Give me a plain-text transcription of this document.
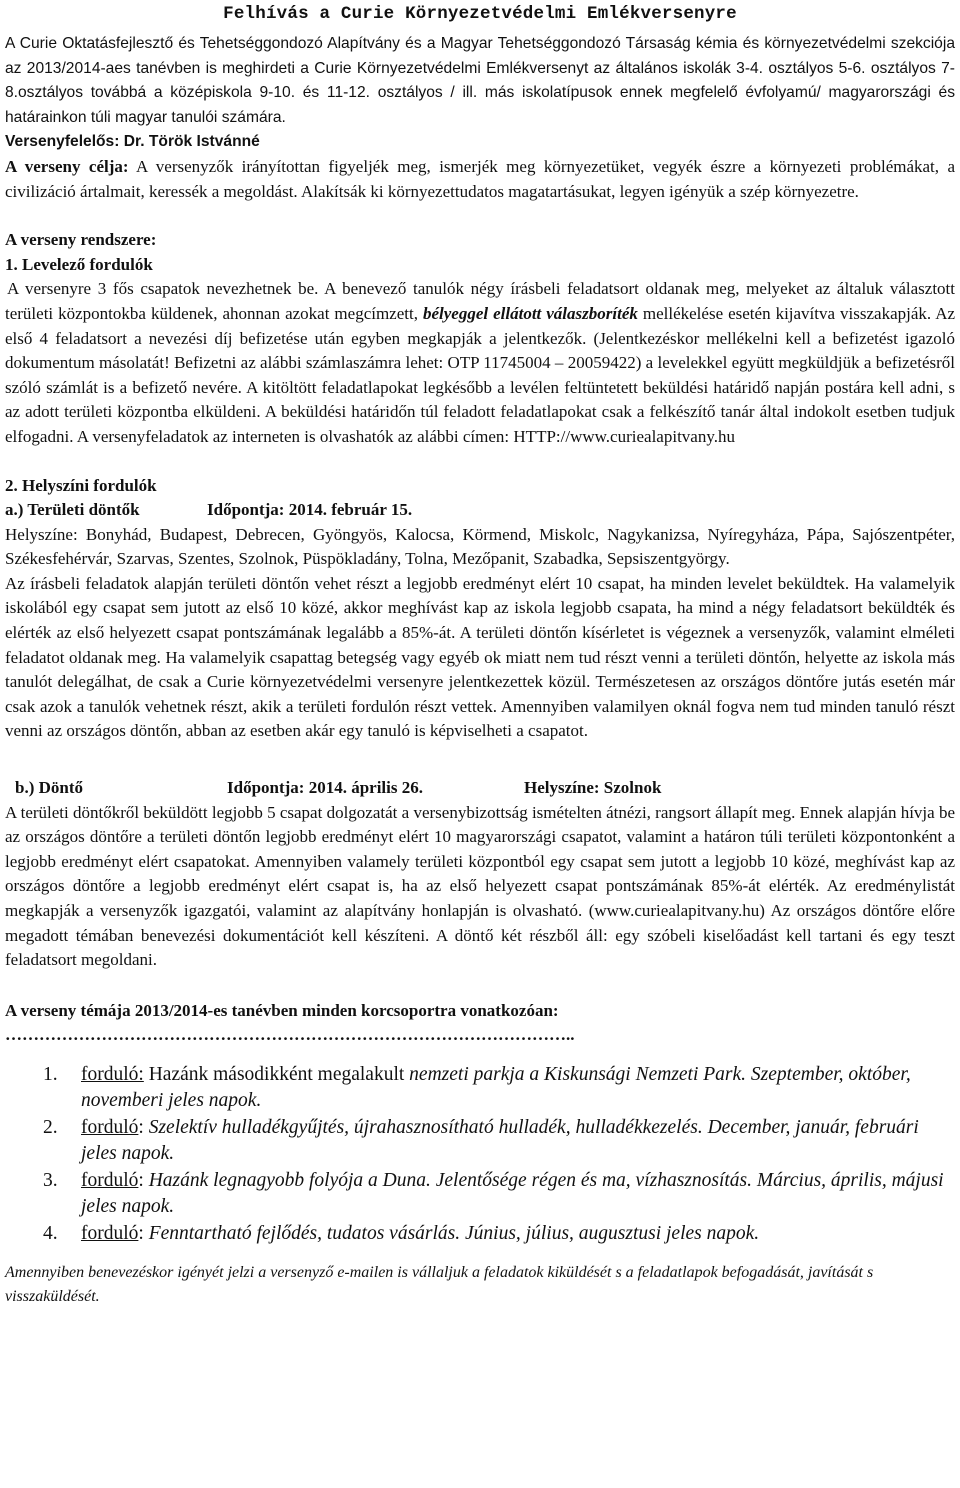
Felhívás a Curie Környezetvédelmi Emlékversenyre

A Curie Oktatásfejlesztő és Tehetséggondozó Alapítvány és a Magyar Tehetséggondozó Társaság kémia és környezetvédelmi szekciója az 2013/2014-aes tanévben is meghirdeti a Curie Környezetvédelmi Emlékversenyt az általános iskolák 3-4. osztályos 5-6. osztályos 7-8.osztályos továbbá a középiskola 9-10. és 11-12. osztályos / ill. más iskolatípusok ennek megfelelő évfolyamú/ magyarországi és határainkon túli magyar tanulói számára.

Versenyfelelős: Dr. Török Istvánné

A verseny célja: A versenyzők irányítottan figyeljék meg, ismerjék meg környezetüket, vegyék észre a környezeti problémákat, a civilizáció ártalmait, keressék a megoldást. Alakítsák ki környezettudatos magatartásukat, legyen igényük a szép környezetre.

A verseny rendszere:

1. Levelező fordulók

A versenyre 3 fős csapatok nevezhetnek be. A benevező tanulók négy írásbeli feladatsort oldanak meg, melyeket az általuk választott területi központokba küldenek, ahonnan azokat megcímzett, bélyeggel ellátott válaszboríték mellékelése esetén kijavítva visszakapják. Az első 4 feladatsort a nevezési díj befizetése után egyben megkapják a jelentkezők. (Jelentkezéskor mellékelni kell a befizetést igazoló dokumentum másolatát! Befizetni az alábbi számlaszámra lehet: OTP 11745004 – 20059422) a levelekkel együtt megküldjük a befizetésről szóló számlát is a befizető nevére. A kitöltött feladatlapokat legkésőbb a levélen feltüntetett beküldési határidő napján postára kell adni, s az adott területi központba elküldeni. A beküldési határidőn túl feladott feladatlapokat csak a felkészítő tanár által indokolt esetben tudjuk elfogadni. A versenyfeladatok az interneten is olvashatók az alábbi címen: HTTP://www.curiealapitvany.hu

2. Helyszíni fordulók

a.) Területi döntők	Időpontja: 2014. február 15.

Helyszíne: Bonyhád, Budapest, Debrecen, Gyöngyös, Kalocsa, Körmend, Miskolc, Nagykanizsa, Nyíregyháza, Pápa, Sajószentpéter, Székesfehérvár, Szarvas, Szentes, Szolnok, Püspökladány, Tolna, Mezőpanit, Szabadka, Sepsiszentgyörgy.

Az írásbeli feladatok alapján területi döntőn vehet részt a legjobb eredményt elért 10 csapat, ha minden levelet beküldtek. Ha valamelyik iskolából egy csapat sem jutott az első 10 közé, akkor meghívást kap az iskola legjobb csapata, ha mind a négy feladatsort beküldték és elérték az első helyezett csapat pontszámának legalább a 85%-át. A területi döntőn kísérletet is végeznek a versenyzők, valamint elméleti feladatot oldanak meg. Ha valamelyik csapattag betegség vagy egyéb ok miatt nem tud részt venni a területi döntőn, helyette az iskola más tanulót delegálhat, de csak a Curie környezetvédelmi versenyre jelentkezettek közül. Természetesen az országos döntőre jutás esetén már csak azok a tanulók vehetnek részt, akik a területi fordulón részt vettek. Amennyiben valamilyen oknál fogva nem tud minden tanuló részt venni az országos döntőn, abban az esetben akár egy tanuló is képviselheti a csapatot.

b.) Döntő	Időpontja: 2014. április 26.	Helyszíne: Szolnok

A területi döntőkről beküldött legjobb 5 csapat dolgozatát a versenybizottság ismételten átnézi, rangsort állapít meg. Ennek alapján hívja be az országos döntőre a területi döntőn legjobb eredményt elért 10 magyarországi csapatot, valamint a határon túli területi központonként a legjobb eredményt elért csapatokat. Amennyiben valamely területi központból egy csapat sem jutott a legjobb 10 közé, meghívást kap az országos döntőre a legjobb eredményt elért csapat is, ha az első helyezett csapat pontszámának 85%-át elérték. Az eredménylistát megkapják a versenyzők igazgatói, valamint az alapítvány honlapján is olvasható. (www.curiealapitvany.hu) Az országos döntőre előre megadott témában benevezési dokumentációt kell készíteni. A döntő két részből áll: egy szóbeli kiselőadást kell tartani és egy teszt feladatsort megoldani.

A verseny témája 2013/2014-es tanévben minden korcsoportra vonatkozóan:

………………………………………………………………………………………..

1. forduló: Hazánk másodikként megalakult nemzeti parkja a Kiskunsági Nemzeti Park. Szeptember, október, novemberi jeles napok.
2. forduló: Szelektív hulladékgyűjtés, újrahasznosítható hulladék, hulladékkezelés. December, január, februári jeles napok.
3. forduló: Hazánk legnagyobb folyója a Duna. Jelentősége régen és ma, vízhasznosítás. Március, április, májusi jeles napok.
4. forduló: Fenntartható fejlődés, tudatos vásárlás. Június, július, augusztusi jeles napok.

Amennyiben benevezéskor igényét jelzi a versenyző e-mailen is vállaljuk a feladatok kiküldését s a feladatlapok befogadását, javítását s visszaküldését.
